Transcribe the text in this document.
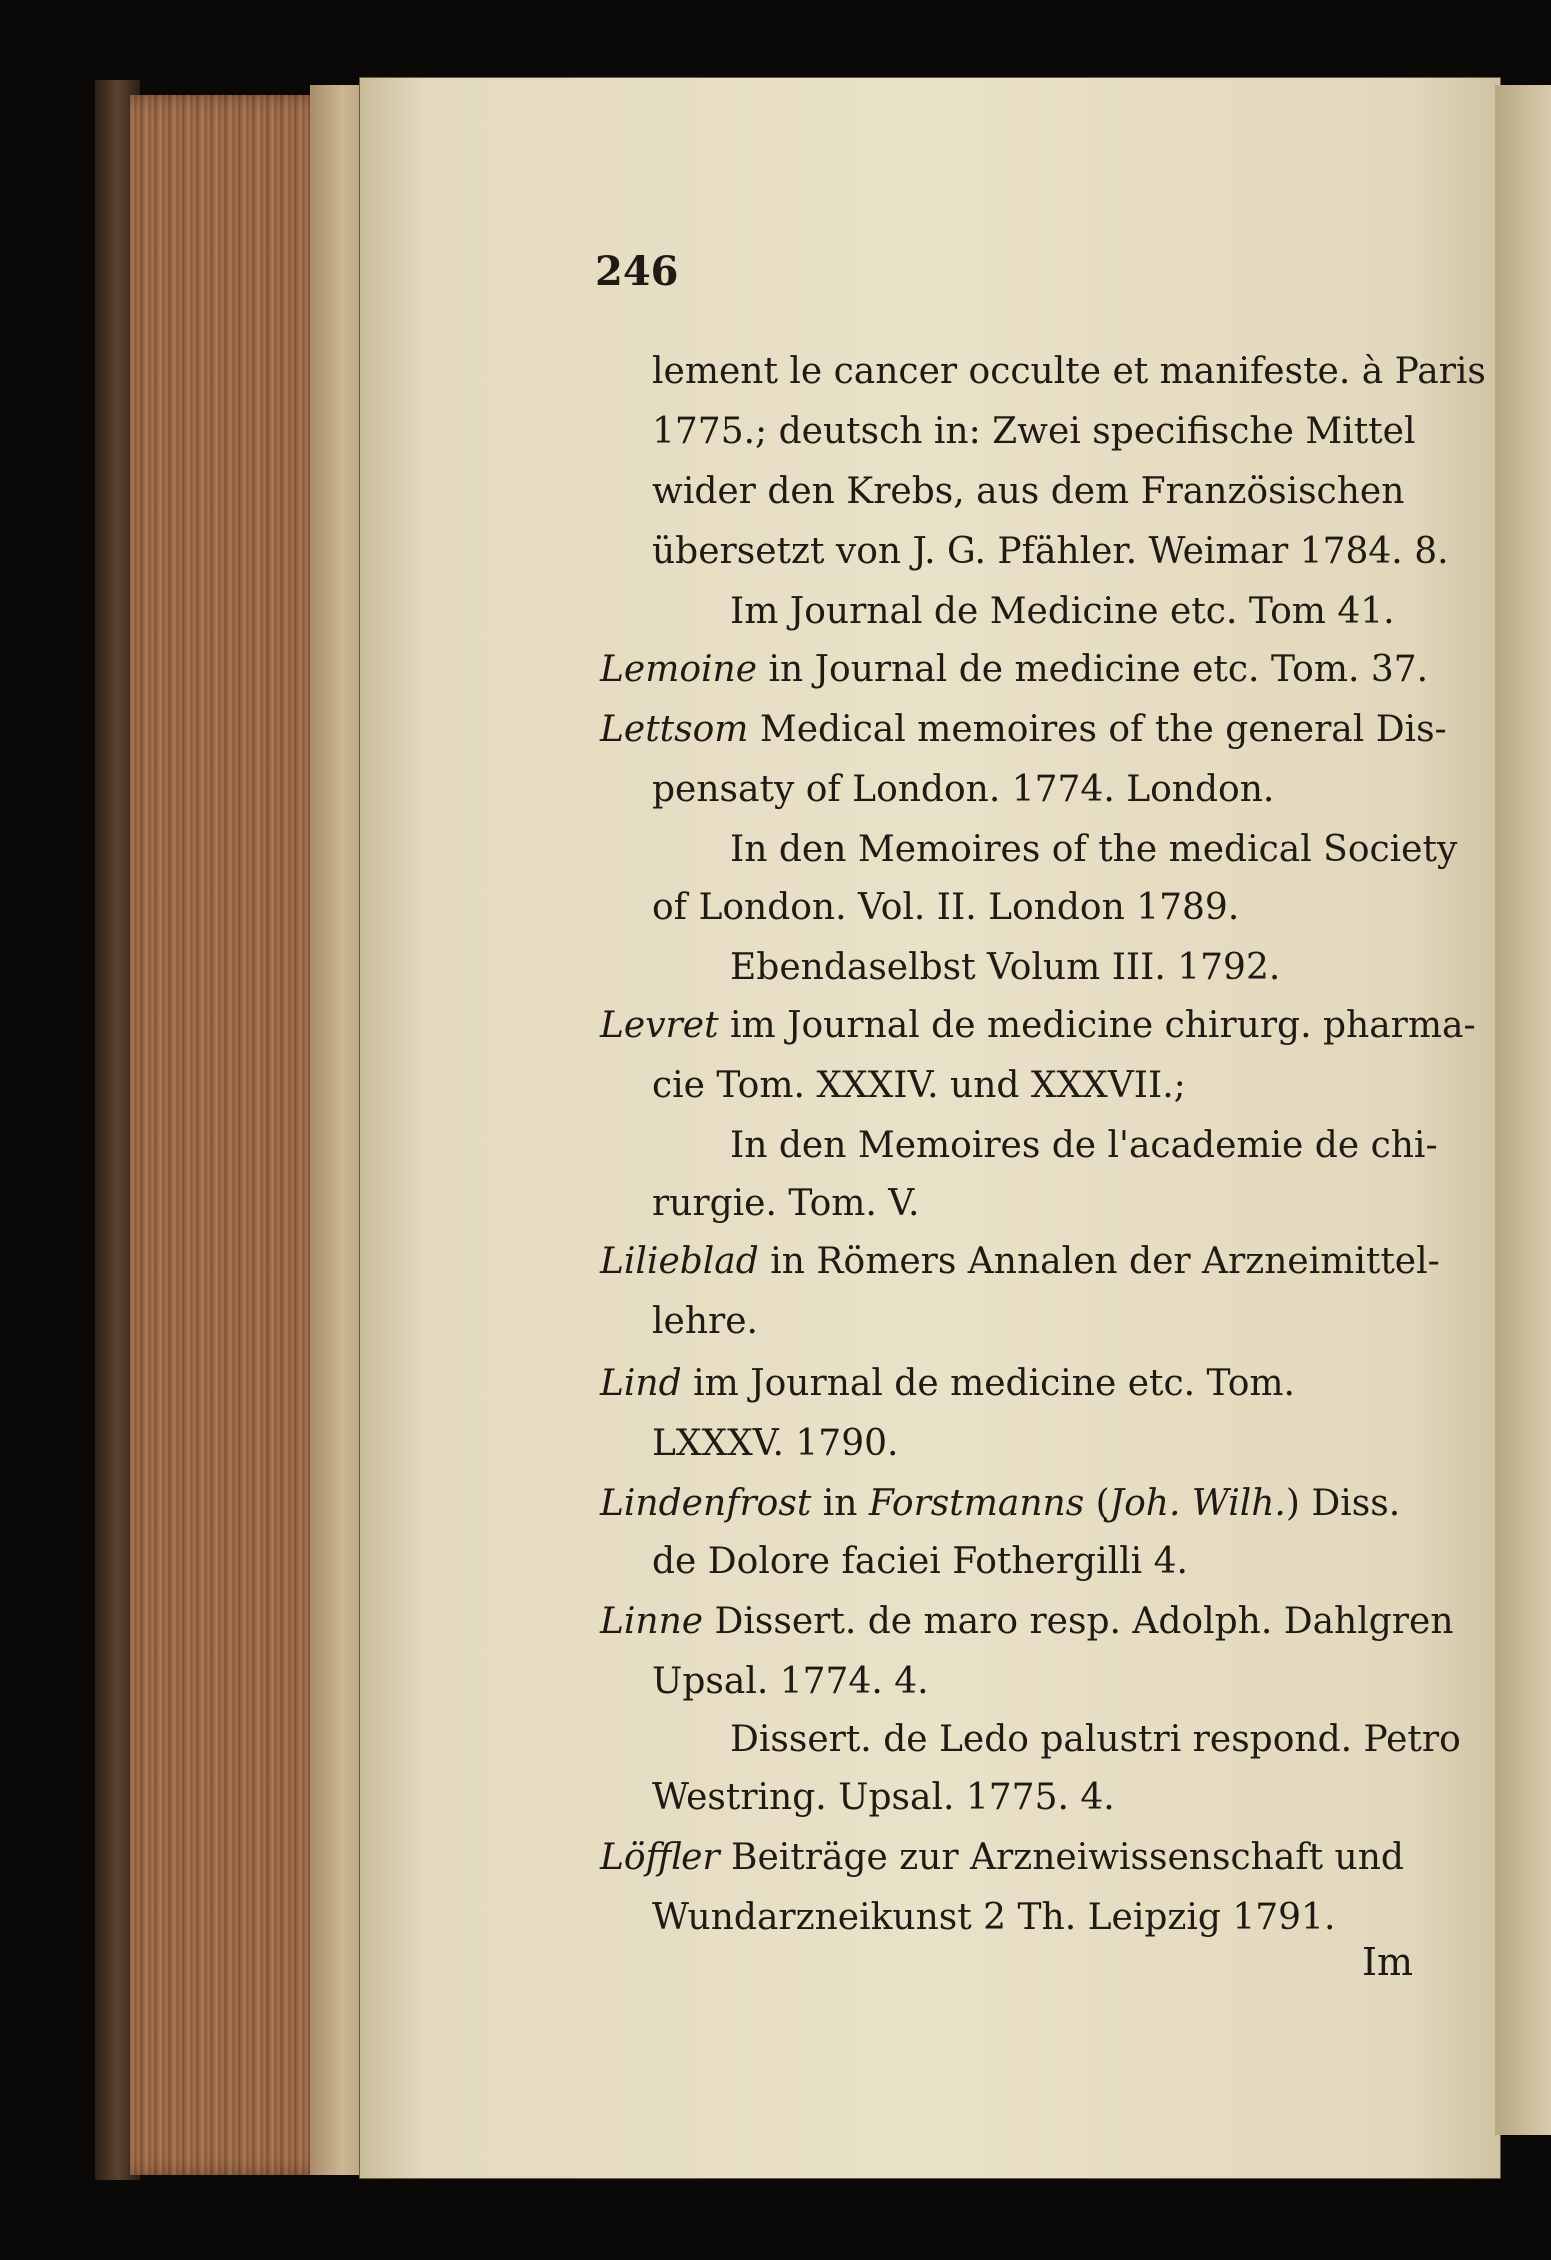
246
lement le cancer occulte et manifeste. à Paris
1775.; deutsch in: Zwei specifische Mittel
wider den Krebs, aus dem Französischen
übersetzt von J. G. Pfähler. Weimar 1784. 8.
Im Journal de Medicine etc. Tom 41.
Lemoine in Journal de medicine etc. Tom. 37.
Lettsom Medical memoires of the general Dis-
pensaty of London. 1774. London.
In den Memoires of the medical Society
of London. Vol. II. London 1789.
Ebendaselbst Volum III. 1792.
Levret im Journal de medicine chirurg. pharma-
cie Tom. XXXIV. und XXXVII.;
In den Memoires de l'academie de chi-
rurgie. Tom. V.
Lilieblad in Römers Annalen der Arzneimittel-
lehre.
Lind im Journal de medicine etc. Tom.
LXXXV. 1790.
Lindenfrost in Forstmanns (Joh. Wilh.) Diss.
de Dolore faciei Fothergilli 4.
Linne Dissert. de maro resp. Adolph. Dahlgren
Upsal. 1774. 4.
Dissert. de Ledo palustri respond. Petro
Westring. Upsal. 1775. 4.
Löffler Beiträge zur Arzneiwissenschaft und
Wundarzneikunst 2 Th. Leipzig 1791.
Im
